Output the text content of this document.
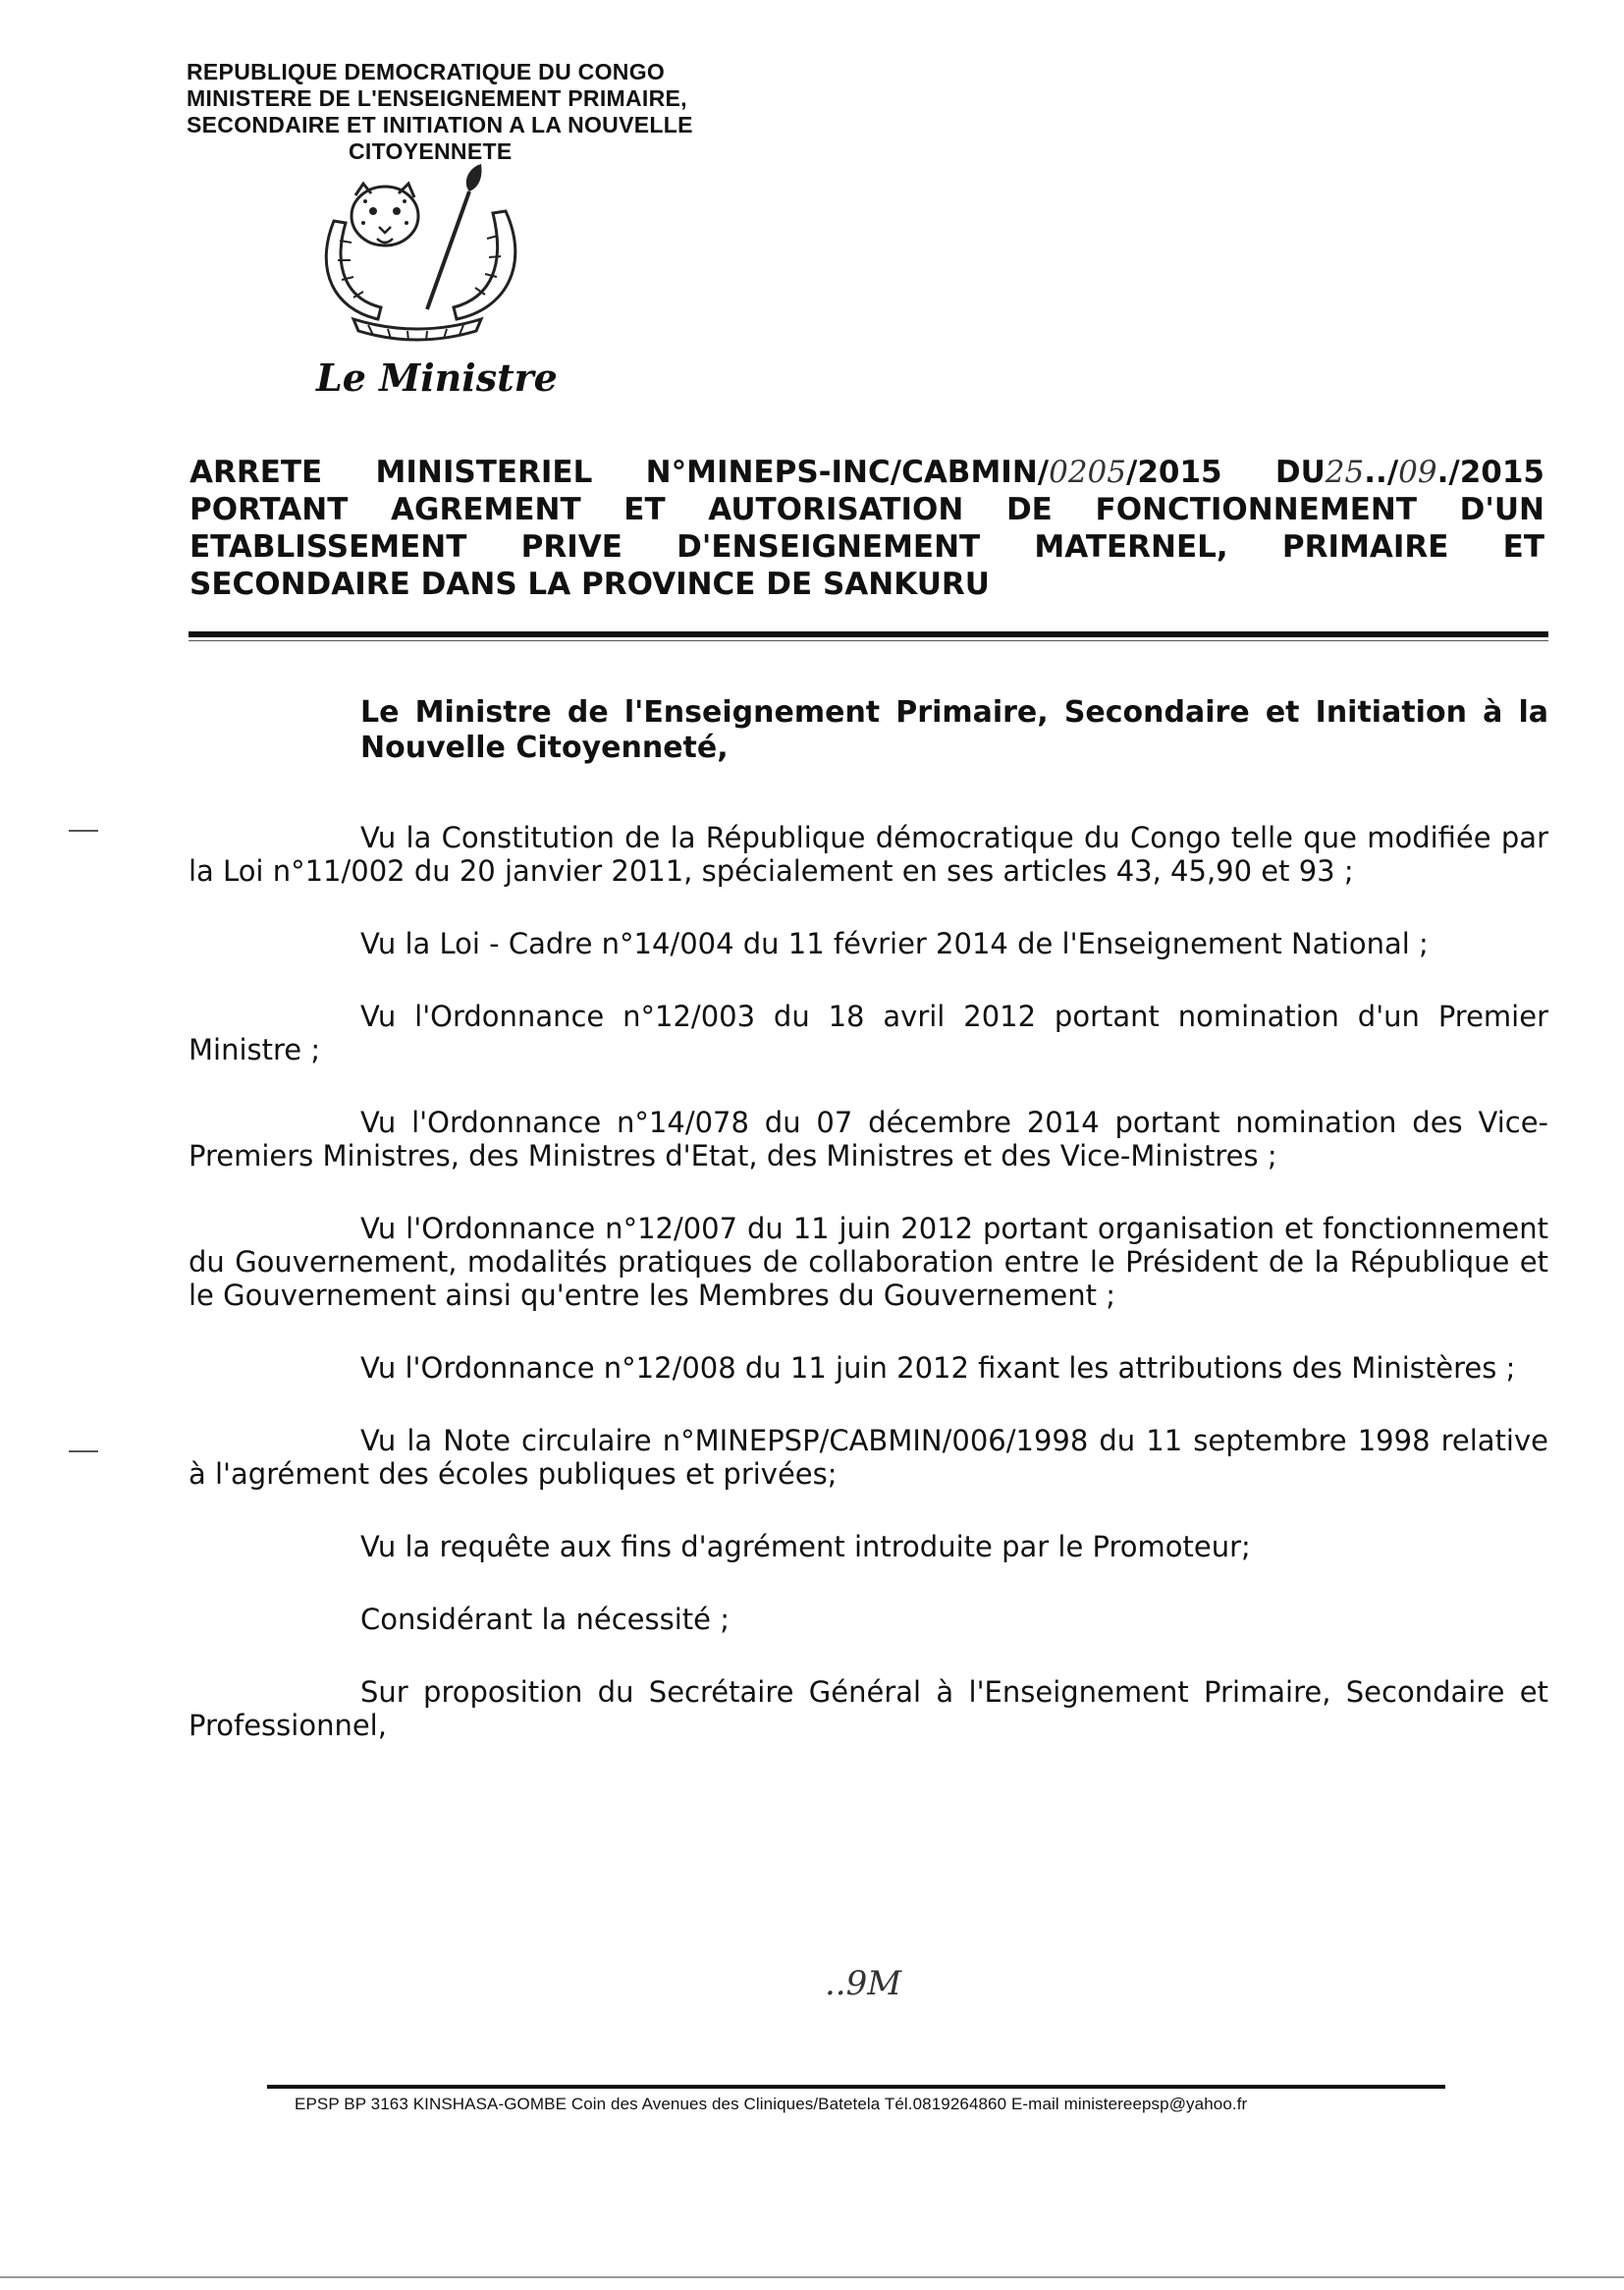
REPUBLIQUE DEMOCRATIQUE DU CONGO
MINISTERE DE L'ENSEIGNEMENT PRIMAIRE,
SECONDAIRE ET INITIATION A LA NOUVELLE
CITOYENNETE
Le Ministre
ARRETE MINISTERIEL N°MINEPS-INC/CABMIN/0205/2015 DU25../09./2015
PORTANT AGREMENT ET AUTORISATION DE FONCTIONNEMENT D'UN
ETABLISSEMENT PRIVE D'ENSEIGNEMENT MATERNEL, PRIMAIRE ET
SECONDAIRE DANS LA PROVINCE DE SANKURU
Le Ministre de l'Enseignement Primaire, Secondaire et Initiation à la Nouvelle Citoyenneté,

Vu la Constitution de la République démocratique du Congo telle que modifiée par la Loi n°11/002 du 20 janvier 2011, spécialement en ses articles 43, 45,90 et 93 ;

Vu la Loi - Cadre n°14/004 du 11 février 2014 de l'Enseignement National ;

Vu l'Ordonnance n°12/003 du 18 avril 2012 portant nomination d'un Premier Ministre ;

Vu l'Ordonnance n°14/078 du 07 décembre 2014 portant nomination des Vice-Premiers Ministres, des Ministres d'Etat, des Ministres et des Vice-Ministres ;

Vu l'Ordonnance n°12/007 du 11 juin 2012 portant organisation et fonctionnement du Gouvernement, modalités pratiques de collaboration entre le Président de la République et le Gouvernement ainsi qu'entre les Membres du Gouvernement ;

Vu l'Ordonnance n°12/008 du 11 juin 2012 fixant les attributions des Ministères ;

Vu la Note circulaire n°MINEPSP/CABMIN/006/1998 du 11 septembre 1998 relative à l'agrément des écoles publiques et privées;

Vu la requête aux fins d'agrément introduite par le Promoteur;

Considérant la nécessité ;

Sur proposition du Secrétaire Général à l'Enseignement Primaire, Secondaire et Professionnel,

..9M
EPSP BP 3163 KINSHASA-GOMBE Coin des Avenues des Cliniques/Batetela Tél.0819264860 E-mail ministereepsp@yahoo.fr
